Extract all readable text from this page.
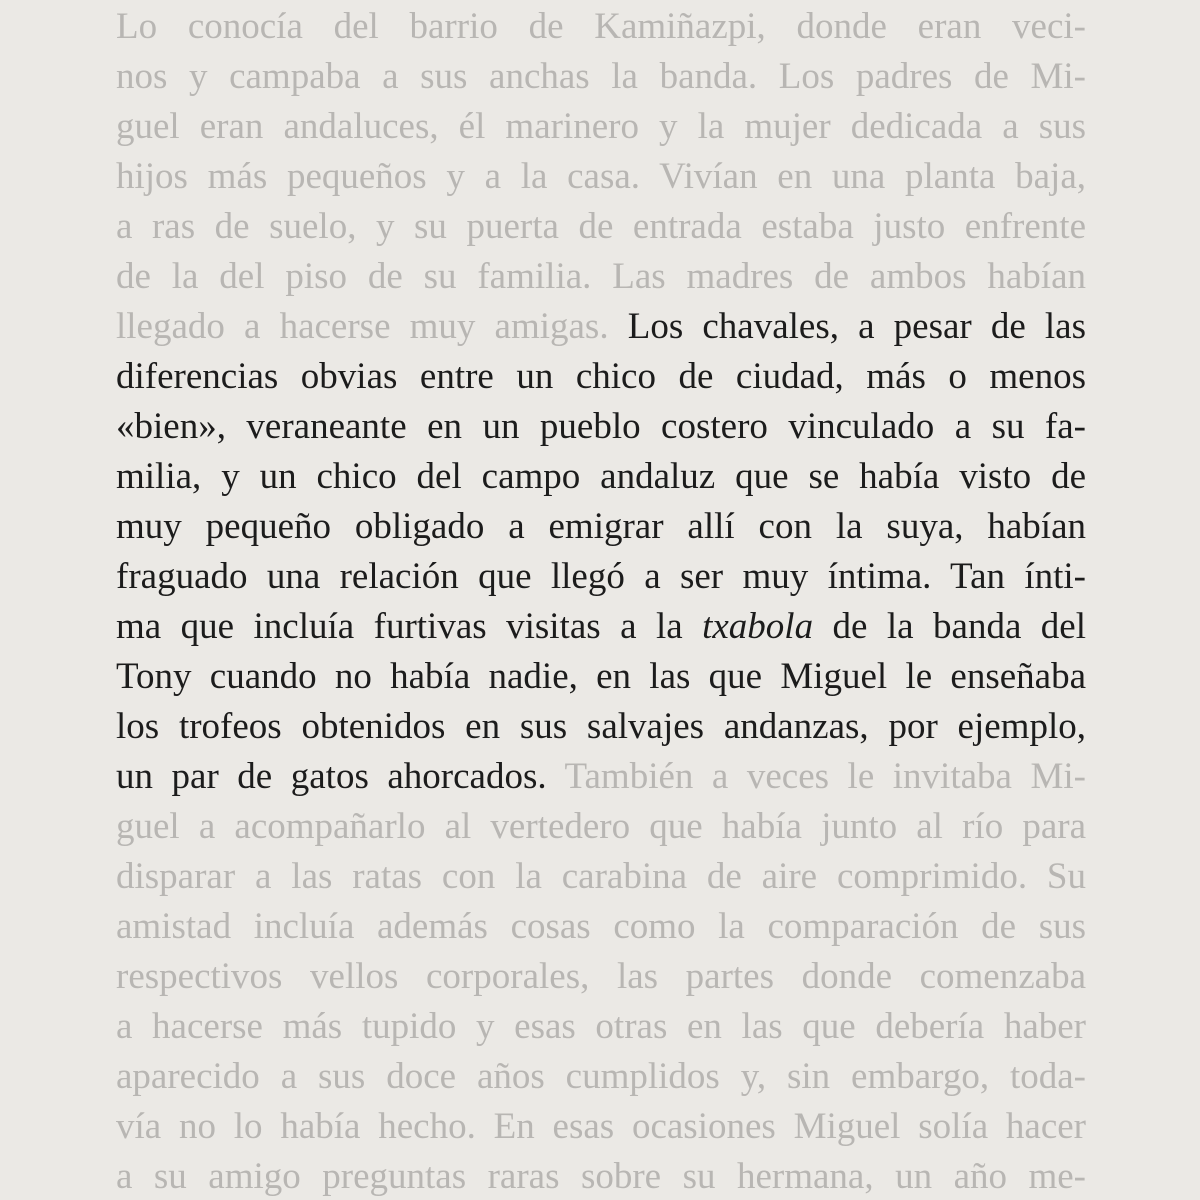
Lo conocía del barrio de Kamiñazpi, donde eran veci-
nos y campaba a sus anchas la banda. Los padres de Mi-
guel eran andaluces, él marinero y la mujer dedicada a sus
hijos más pequeños y a la casa. Vivían en una planta baja,
a ras de suelo, y su puerta de entrada estaba justo enfrente
de la del piso de su familia. Las madres de ambos habían
llegado a hacerse muy amigas. Los chavales, a pesar de las
diferencias obvias entre un chico de ciudad, más o menos
«bien», veraneante en un pueblo costero vinculado a su fa-
milia, y un chico del campo andaluz que se había visto de
muy pequeño obligado a emigrar allí con la suya, habían
fraguado una relación que llegó a ser muy íntima. Tan ínti-
ma que incluía furtivas visitas a la txabola de la banda del
Tony cuando no había nadie, en las que Miguel le enseñaba
los trofeos obtenidos en sus salvajes andanzas, por ejemplo,
un par de gatos ahorcados. También a veces le invitaba Mi-
guel a acompañarlo al vertedero que había junto al río para
disparar a las ratas con la carabina de aire comprimido. Su
amistad incluía además cosas como la comparación de sus
respectivos vellos corporales, las partes donde comenzaba
a hacerse más tupido y esas otras en las que debería haber
aparecido a sus doce años cumplidos y, sin embargo, toda-
vía no lo había hecho. En esas ocasiones Miguel solía hacer
a su amigo preguntas raras sobre su hermana, un año me-
